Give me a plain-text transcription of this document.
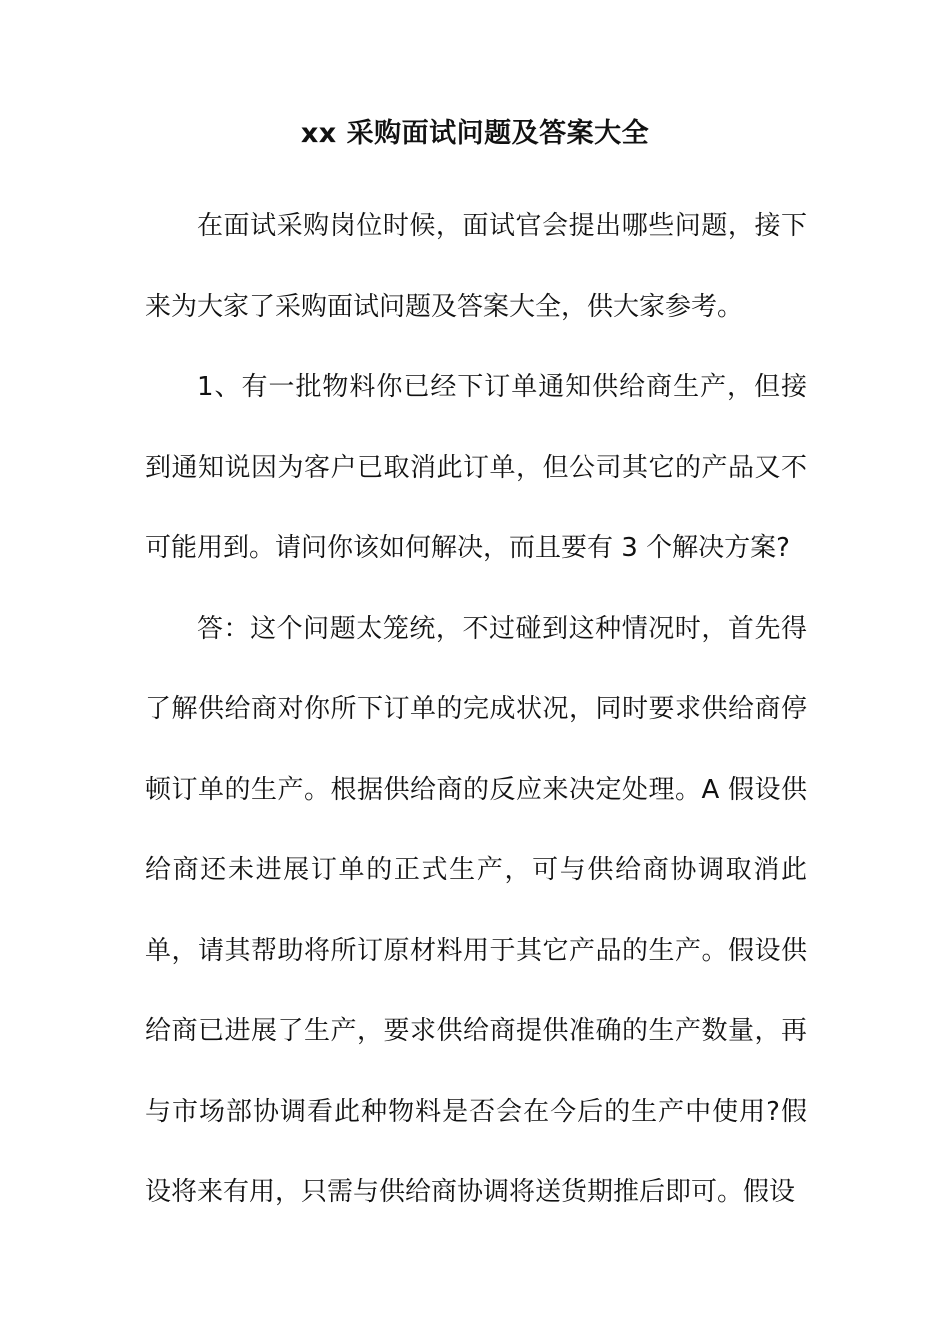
xx 采购面试问题及答案大全

在面试采购岗位时候，面试官会提出哪些问题，接下来为大家了采购面试问题及答案大全，供大家参考。

1、有一批物料你已经下订单通知供给商生产，但接到通知说因为客户已取消此订单，但公司其它的产品又不可能用到。请问你该如何解决，而且要有 3 个解决方案?

答：这个问题太笼统，不过碰到这种情况时，首先得了解供给商对你所下订单的完成状况，同时要求供给商停顿订单的生产。根据供给商的反应来决定处理。A 假设供给商还未进展订单的正式生产，可与供给商协调取消此单，请其帮助将所订原材料用于其它产品的生产。假设供给商已进展了生产，要求供给商提供准确的生产数量，再与市场部协调看此种物料是否会在今后的生产中使用?假设将来有用，只需与供给商协调将送货期推后即可。假设
